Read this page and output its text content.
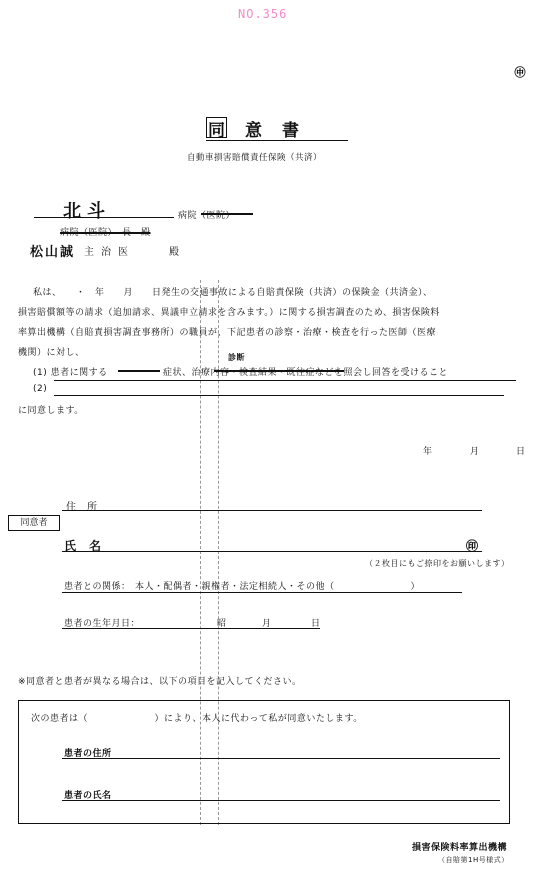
NO.356
㊥
同意書
自動車損害賠償責任保険（共済）
北斗	病院（医院）
病院（医院）　長　殿
松山誠 主治医　　殿
私は、　　・　年　　月　　日発生の交通事故による自賠責保険（共済）の保険金（共済金）、
損害賠償額等の請求（追加請求、異議申立請求を含みます。）に関する損害調査のため、損害保険料
率算出機構（自賠責損害調査事務所）の職員が、下記患者の診察・治療・検査を行った医師（医療
機関）に対し、
(1) 患者に関する	症状、治療内容・検査結果・既往症などを照会し回答を受けること
診断
(2)
に同意します。
年	月	日
住　所
同意者
氏　名	㊞
（２枚目にもご捺印をお願いします）
患者との関係： 本人・配偶者・親権者・法定相続人・その他（　　　　　　　　）
患者の生年月日：	昭	月	日
※同意者と患者が異なる場合は、以下の項目を記入してください。
次の患者は（　　　　　　　）により、本人に代わって私が同意いたします。
患者の住所
患者の氏名
損害保険料率算出機構
（自賠第1H号様式）
